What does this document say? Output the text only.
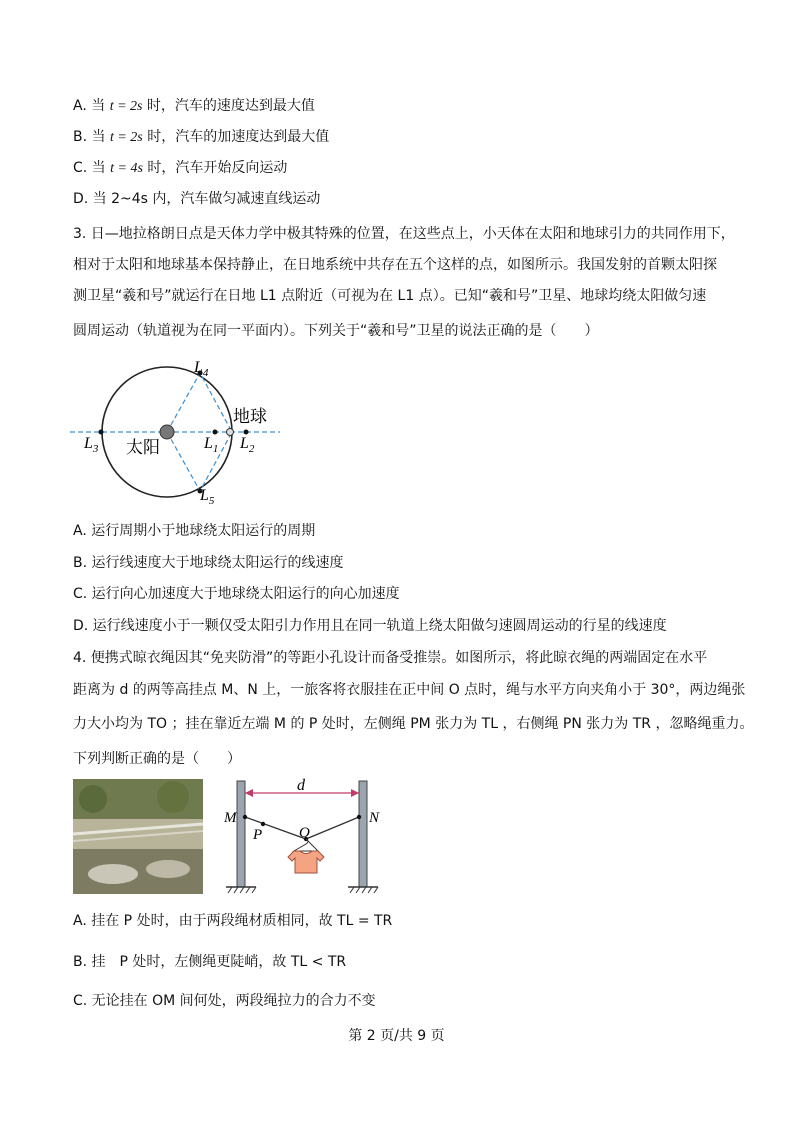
A. 当 t = 2s 时，汽车的速度达到最大值
B. 当 t = 2s 时，汽车的加速度达到最大值
C. 当 t = 4s 时，汽车开始反向运动
D. 当 2~4s 内，汽车做匀减速直线运动
3. 日—地拉格朗日点是天体力学中极其特殊的位置，在这些点上，小天体在太阳和地球引力的共同作用下，
相对于太阳和地球基本保持静止，在日地系统中共存在五个这样的点，如图所示。我国发射的首颗太阳探
测卫星“羲和号”就运行在日地 L1 点附近（可视为在 L1 点）。已知“羲和号”卫星、地球均绕太阳做匀速
圆周运动（轨道视为在同一平面内）。下列关于“羲和号”卫星的说法正确的是（　　）
$L_4$
$L_5$
$L_3$	$L_1$ $L_2$
太阳
地球
A. 运行周期小于地球绕太阳运行的周期
B. 运行线速度大于地球绕太阳运行的线速度
C. 运行向心加速度大于地球绕太阳运行的向心加速度
D. 运行线速度小于一颗仅受太阳引力作用且在同一轨道上绕太阳做匀速圆周运动的行星的线速度
4. 便携式晾衣绳因其“免夹防滑”的等距小孔设计而备受推崇。如图所示，将此晾衣绳的两端固定在水平
距离为 d 的两等高挂点 M、N 上，一旅客将衣服挂在正中间 O 点时，绳与水平方向夹角小于 30°，两边绳张
力大小均为 TO ；挂在靠近左端 M 的 P 处时，左侧绳 PM 张力为 TL ，右侧绳 PN 张力为 TR ，忽略绳重力。
下列判断正确的是（　　）
d
M	N
P O
A. 挂在 P 处时，由于两段绳材质相同，故 TL = TR
B. 挂　P 处时，左侧绳更陡峭，故 TL < TR
C. 无论挂在 OM 间何处，两段绳拉力的合力不变
第 2 页/共 9 页
